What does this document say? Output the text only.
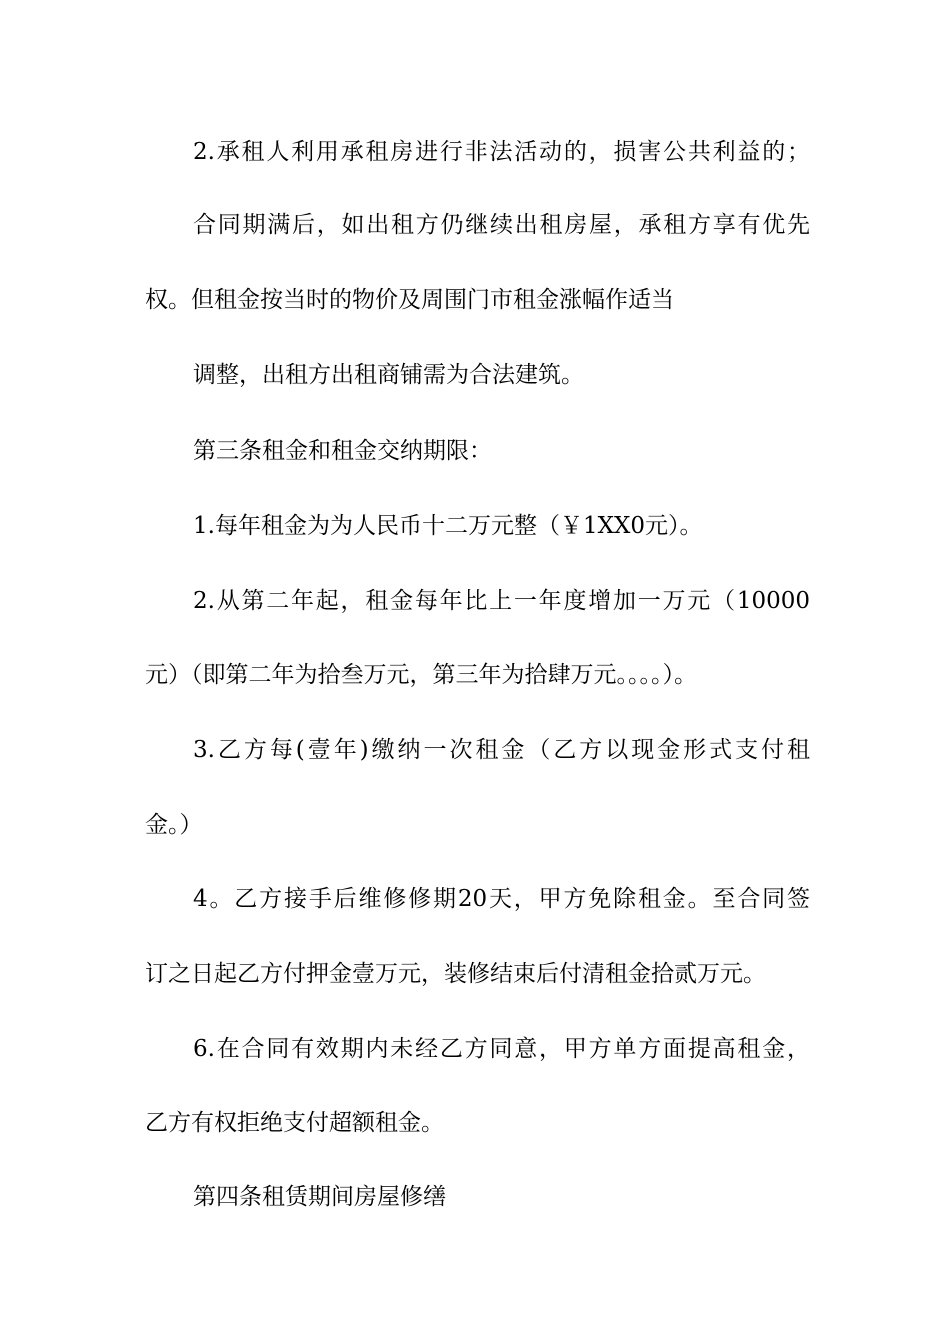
2.承租人利用承租房进行非法活动的，损害公共利益的；
合同期满后，如出租方仍继续出租房屋，承租方享有优先
权。但租金按当时的物价及周围门市租金涨幅作适当
调整，出租方出租商铺需为合法建筑。
第三条租金和租金交纳期限：
1.每年租金为为人民币十二万元整（￥1XX0元）。
2.从第二年起，租金每年比上一年度增加一万元（10000
元）（即第二年为拾叁万元，第三年为拾肆万元。。。。）。
3.乙方每(壹年)缴纳一次租金（乙方以现金形式支付租
金。）
4。乙方接手后维修修期20天，甲方免除租金。至合同签
订之日起乙方付押金壹万元，装修结束后付清租金拾贰万元。
6.在合同有效期内未经乙方同意，甲方单方面提高租金，
乙方有权拒绝支付超额租金。
第四条租赁期间房屋修缮
